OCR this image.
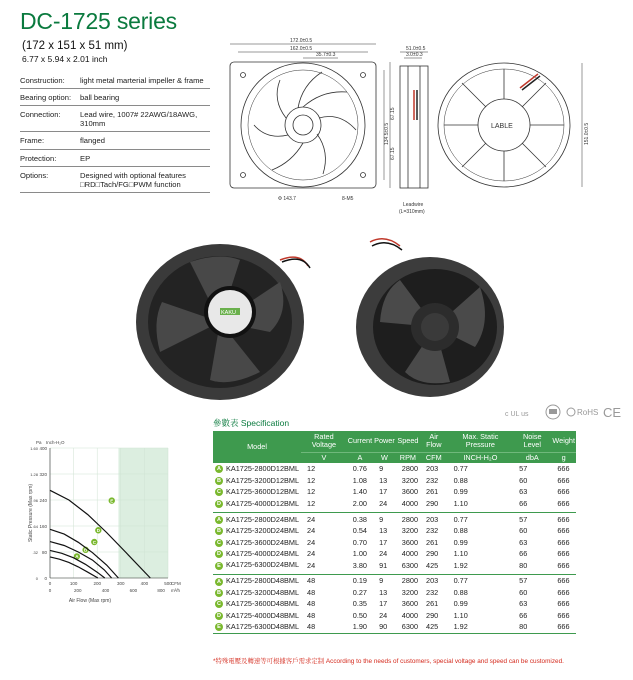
DC-1725 series
(172 x 151 x 51 mm)
6.77 x 5.94 x 2.01 inch
Construction:	light metal marterial impeller & frame
Bearing option:	ball bearing
Connection:	Lead wire, 1007# 22AWG/18AWG, 310mm
Frame:	flanged
Protection:	EP
Options:	Designed with optional features □RD□Tach/FG□PWM function
172.0±0.5
162.0±0.5
35.7±0.3
51.0±0.5
3.0±0.3
Φ 143.7	8-M5
Leadwire
(L=310mm)
LABLE
67.15
67.15
134.5±0.5	151.0±0.5
KAKU
c UL us	RoHS CE
參數表 Specification
0
0
80
.32
160
.64
240
.96
320
1.28
400
1.60
0	100	200	300	400	500
0	200	400	600	800
A
B
C
D
E
Pa Inch-H₂O
CFM
m³/h
Air Flow (Max rpm)
Static Pressure (Max rpm)
Model	Rated Voltage	Current	Power	Speed	Air Flow	Max. Static Pressure	Noise Level	Weight
	V	A	W	RPM	CFM	INCH-H₂O	dbA	g
A KA1725-2800D12BML	12	0.76	9	2800	203	0.77	57	666
B KA1725-3200D12BML	12	1.08	13	3200	232	0.88	60	666
C KA1725-3600D12BML	12	1.40	17	3600	261	0.99	63	666
D KA1725-4000D12BML	12	2.00	24	4000	290	1.10	66	666

A KA1725-2800D24BML	24	0.38	9	2800	203	0.77	57	666
B KA1725-3200D24BML	24	0.54	13	3200	232	0.88	60	666
C KA1725-3600D24BML	24	0.70	17	3600	261	0.99	63	666
D KA1725-4000D24BML	24	1.00	24	4000	290	1.10	66	666
E KA1725-6300D24BML	24	3.80	91	6300	425	1.92	80	666

A KA1725-2800D48BML	48	0.19	9	2800	203	0.77	57	666
B KA1725-3200D48BML	48	0.27	13	3200	232	0.88	60	666
C KA1725-3600D48BML	48	0.35	17	3600	261	0.99	63	666
D KA1725-4000D48BML	48	0.50	24	4000	290	1.10	66	666
E KA1725-6300D48BML	48	1.90	90	6300	425	1.92	80	666
*特殊電壓及轉速等可根據客戶需求定制 According to the needs of customers, special voltage and speed can be customized.
